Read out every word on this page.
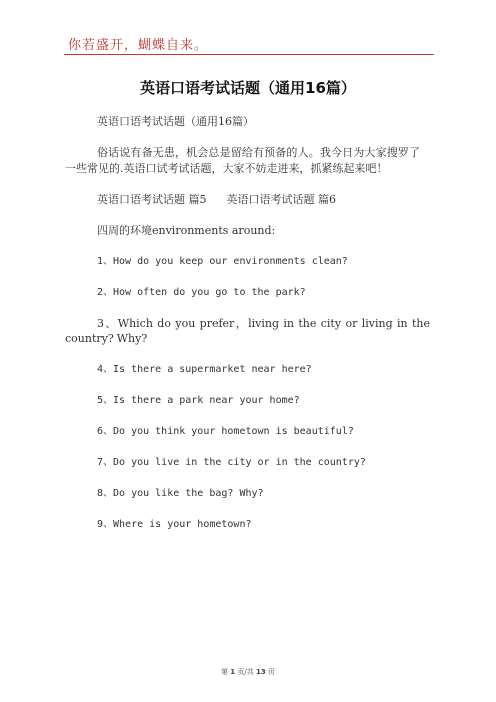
你若盛开，蝴蝶自来。
英语口语考试话题（通用16篇）

英语口语考试话题（通用16篇）

俗话说有备无患，机会总是留给有预备的人。我今日为大家搜罗了一些常见的.英语口试考试话题，大家不妨走进来，抓紧练起来吧！

英语口语考试话题 篇5 英语口语考试话题 篇6

四周的环境environments around:

1、How do you keep our environments clean?

2、How often do you go to the park?

3、Which do you prefer，living in the city or living in the country? Why?

4、Is there a supermarket near here?

5、Is there a park near your home?

6、Do you think your hometown is beautiful?

7、Do you live in the city or in the country?

8、Do you like the bag? Why?

9、Where is your hometown?

第 1 页/共 13 页
